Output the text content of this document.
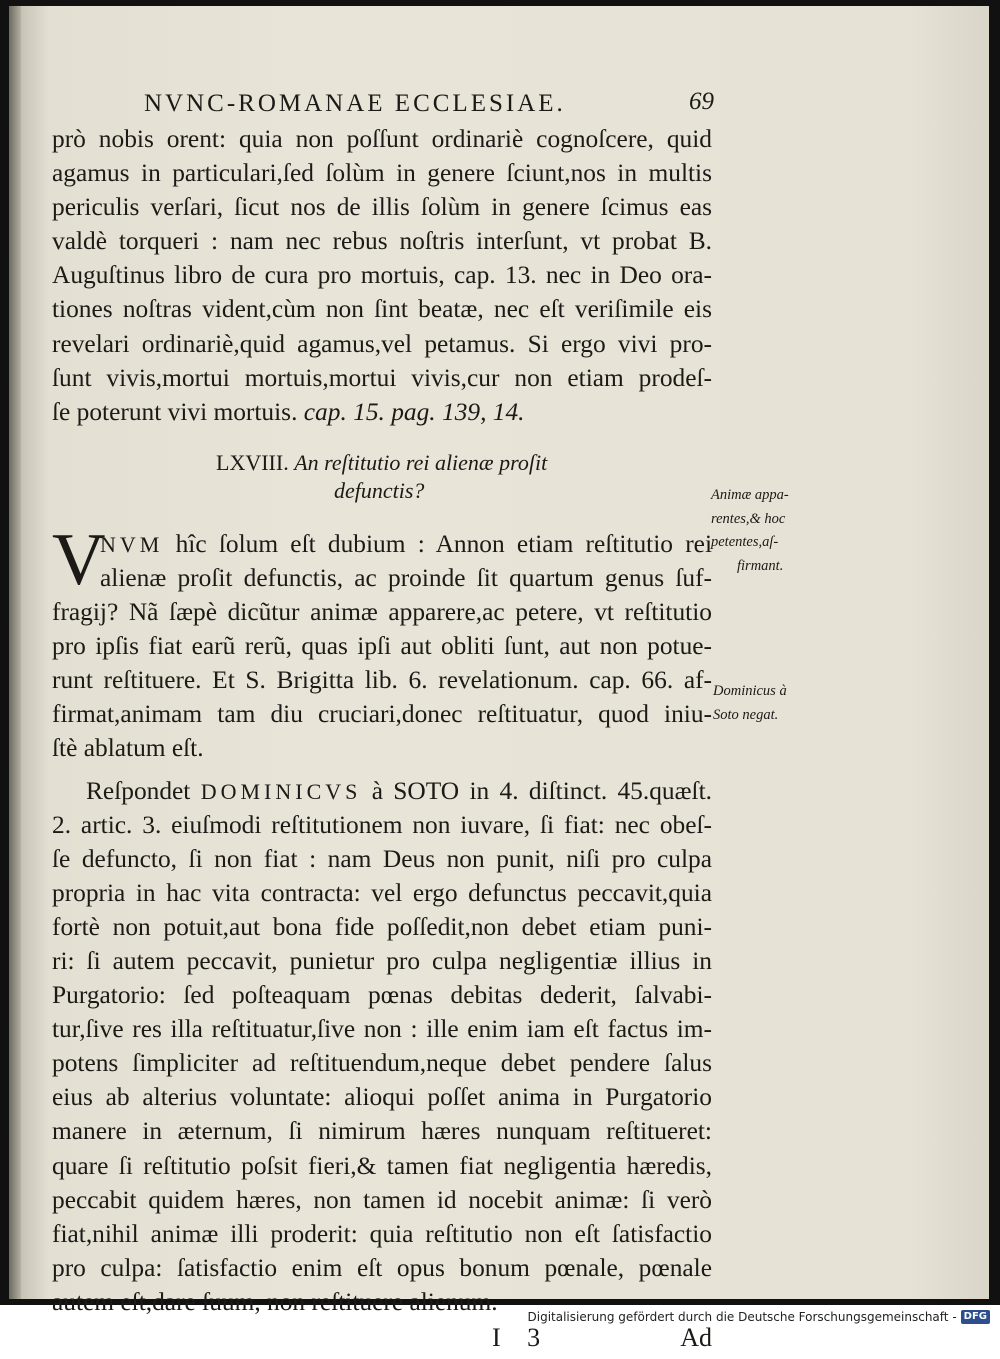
NVNC-ROMANAE ECCLESIAE.	69
prò nobis orent: quia non poſſunt ordinariè cognoſcere, quid
agamus in particulari,ſed ſolùm in genere ſciunt,nos in multis
periculis verſari, ſicut nos de illis ſolùm in genere ſcimus eas
valdè torqueri : nam nec rebus noſtris interſunt, vt probat B.
Auguſtinus libro de cura pro mortuis, cap. 13. nec in Deo ora-
tiones noſtras vident,cùm non ſint beatæ, nec eſt veriſimile eis
revelari ordinariè,quid agamus,vel petamus. Si ergo vivi pro-
ſunt vivis,mortui mortuis,mortui vivis,cur non etiam prodeſ-
ſe poterunt vivi mortuis. cap. 15. pag. 139, 14.
LXVIII. An reſtitutio rei alienæ proſit
defunctis?
V
NVM hîc ſolum eſt dubium : Annon etiam reſtitutio rei
alienæ proſit defunctis, ac proinde ſit quartum genus ſuf-
fragij? Nã ſæpè dicũtur animæ apparere,ac petere, vt reſtitutio
pro ipſis fiat earũ rerũ, quas ipſi aut obliti ſunt, aut non potue-
runt reſtituere. Et S. Brigitta lib. 6. revelationum. cap. 66. af-
firmat,animam tam diu cruciari,donec reſtituatur, quod iniu-
ſtè ablatum eſt.
Reſpondet DOMINICVS à SOTO in 4. diſtinct. 45.quæſt.
2. artic. 3. eiuſmodi reſtitutionem non iuvare, ſi fiat: nec obeſ-
ſe defuncto, ſi non fiat : nam Deus non punit, niſi pro culpa
propria in hac vita contracta: vel ergo defunctus peccavit,quia
fortè non potuit,aut bona fide poſſedit,non debet etiam puni-
ri: ſi autem peccavit, punietur pro culpa negligentiæ illius in
Purgatorio: ſed poſteaquam pœnas debitas dederit, ſalvabi-
tur,ſive res illa reſtituatur,ſive non : ille enim iam eſt factus im-
potens ſimpliciter ad reſtituendum,neque debet pendere ſalus
eius ab alterius voluntate: alioqui poſſet anima in Purgatorio
manere in æternum, ſi nimirum hæres nunquam reſtitueret:
quare ſi reſtitutio poſsit fieri,& tamen fiat negligentia hæredis,
peccabit quidem hæres, non tamen id nocebit animæ: ſi verò
fiat,nihil animæ illi proderit: quia reſtitutio non eſt ſatisfactio
pro culpa: ſatisfactio enim eſt opus bonum pœnale, pœnale
autem eſt,dare ſuum, non reſtituere alienum.
I 3	Ad
Animæ appa-
rentes,& hoc
petentes,aſ-
firmant.
Dominicus à
Soto negat.
Digitalisierung gefördert durch die Deutsche Forschungsgemeinschaft - DFG
